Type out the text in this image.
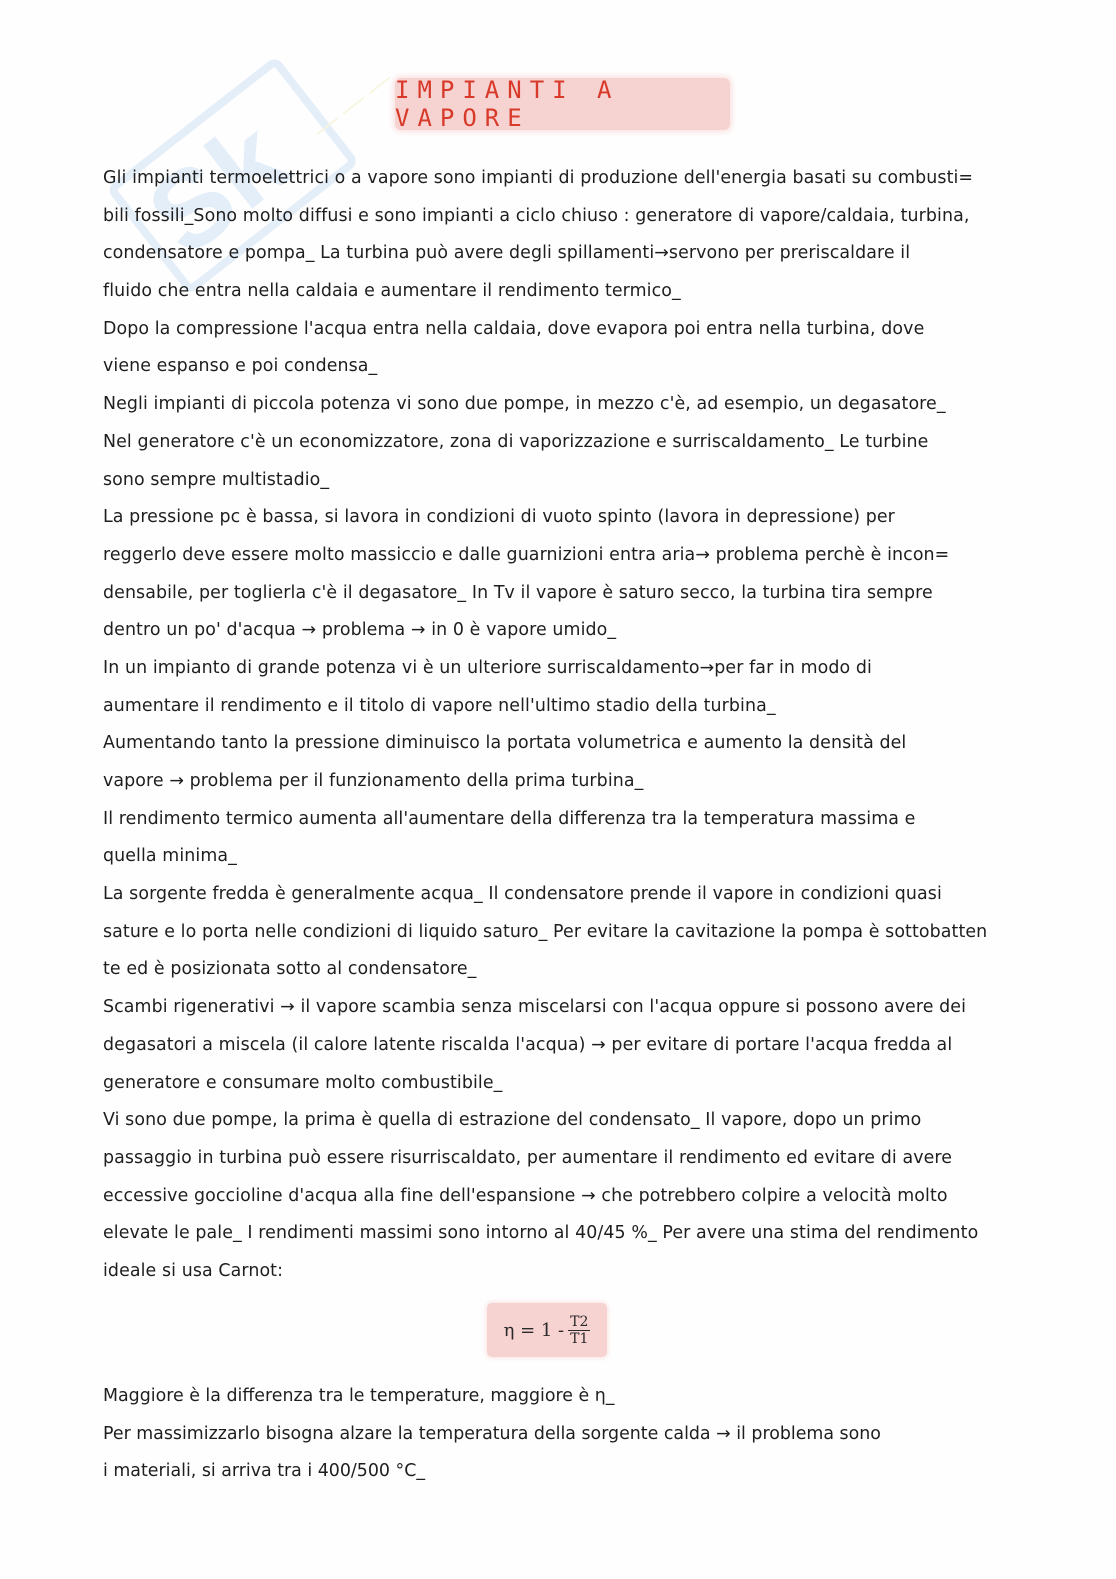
Sk
— — —
IMPIANTI A VAPORE
Gli impianti termoelettrici o a vapore sono impianti di produzione dell'energia basati su combusti=
bili fossili_Sono molto diffusi e sono impianti a ciclo chiuso : generatore di vapore/caldaia, turbina,
condensatore e pompa_ La turbina può avere degli spillamenti→servono per preriscaldare il
fluido che entra nella caldaia e aumentare il rendimento termico_
Dopo la compressione l'acqua entra nella caldaia, dove evapora poi entra nella turbina, dove
viene espanso e poi condensa_
Negli impianti di piccola potenza vi sono due pompe, in mezzo c'è, ad esempio, un degasatore_
Nel generatore c'è un economizzatore, zona di vaporizzazione e surriscaldamento_ Le turbine
sono sempre multistadio_
La pressione pc è bassa, si lavora in condizioni di vuoto spinto (lavora in depressione) per
reggerlo deve essere molto massiccio e dalle guarnizioni entra aria→ problema perchè è incon=
densabile, per toglierla c'è il degasatore_ In Tv il vapore è saturo secco, la turbina tira sempre
dentro un po' d'acqua → problema → in 0 è vapore umido_
In un impianto di grande potenza vi è un ulteriore surriscaldamento→per far in modo di
aumentare il rendimento e il titolo di vapore nell'ultimo stadio della turbina_
Aumentando tanto la pressione diminuisco la portata volumetrica e aumento la densità del
vapore → problema per il funzionamento della prima turbina_
Il rendimento termico aumenta all'aumentare della differenza tra la temperatura massima e
quella minima_
La sorgente fredda è generalmente acqua_ Il condensatore prende il vapore in condizioni quasi
sature e lo porta nelle condizioni di liquido saturo_ Per evitare la cavitazione la pompa è sottobatten
te ed è posizionata sotto al condensatore_
Scambi rigenerativi → il vapore scambia senza miscelarsi con l'acqua oppure si possono avere dei
degasatori a miscela (il calore latente riscalda l'acqua) → per evitare di portare l'acqua fredda al
generatore e consumare molto combustibile_
Vi sono due pompe, la prima è quella di estrazione del condensato_ Il vapore, dopo un primo
passaggio in turbina può essere risurriscaldato, per aumentare il rendimento ed evitare di avere
eccessive goccioline d'acqua alla fine dell'espansione → che potrebbero colpire a velocità molto
elevate le pale_ I rendimenti massimi sono intorno al 40/45 %_ Per avere una stima del rendimento
ideale si usa Carnot:
$\eta = 1 - \frac{T2}{T1}$
Maggiore è la differenza tra le temperature, maggiore è η_
Per massimizzarlo bisogna alzare la temperatura della sorgente calda → il problema sono
i materiali, si arriva tra i 400/500 °C_
